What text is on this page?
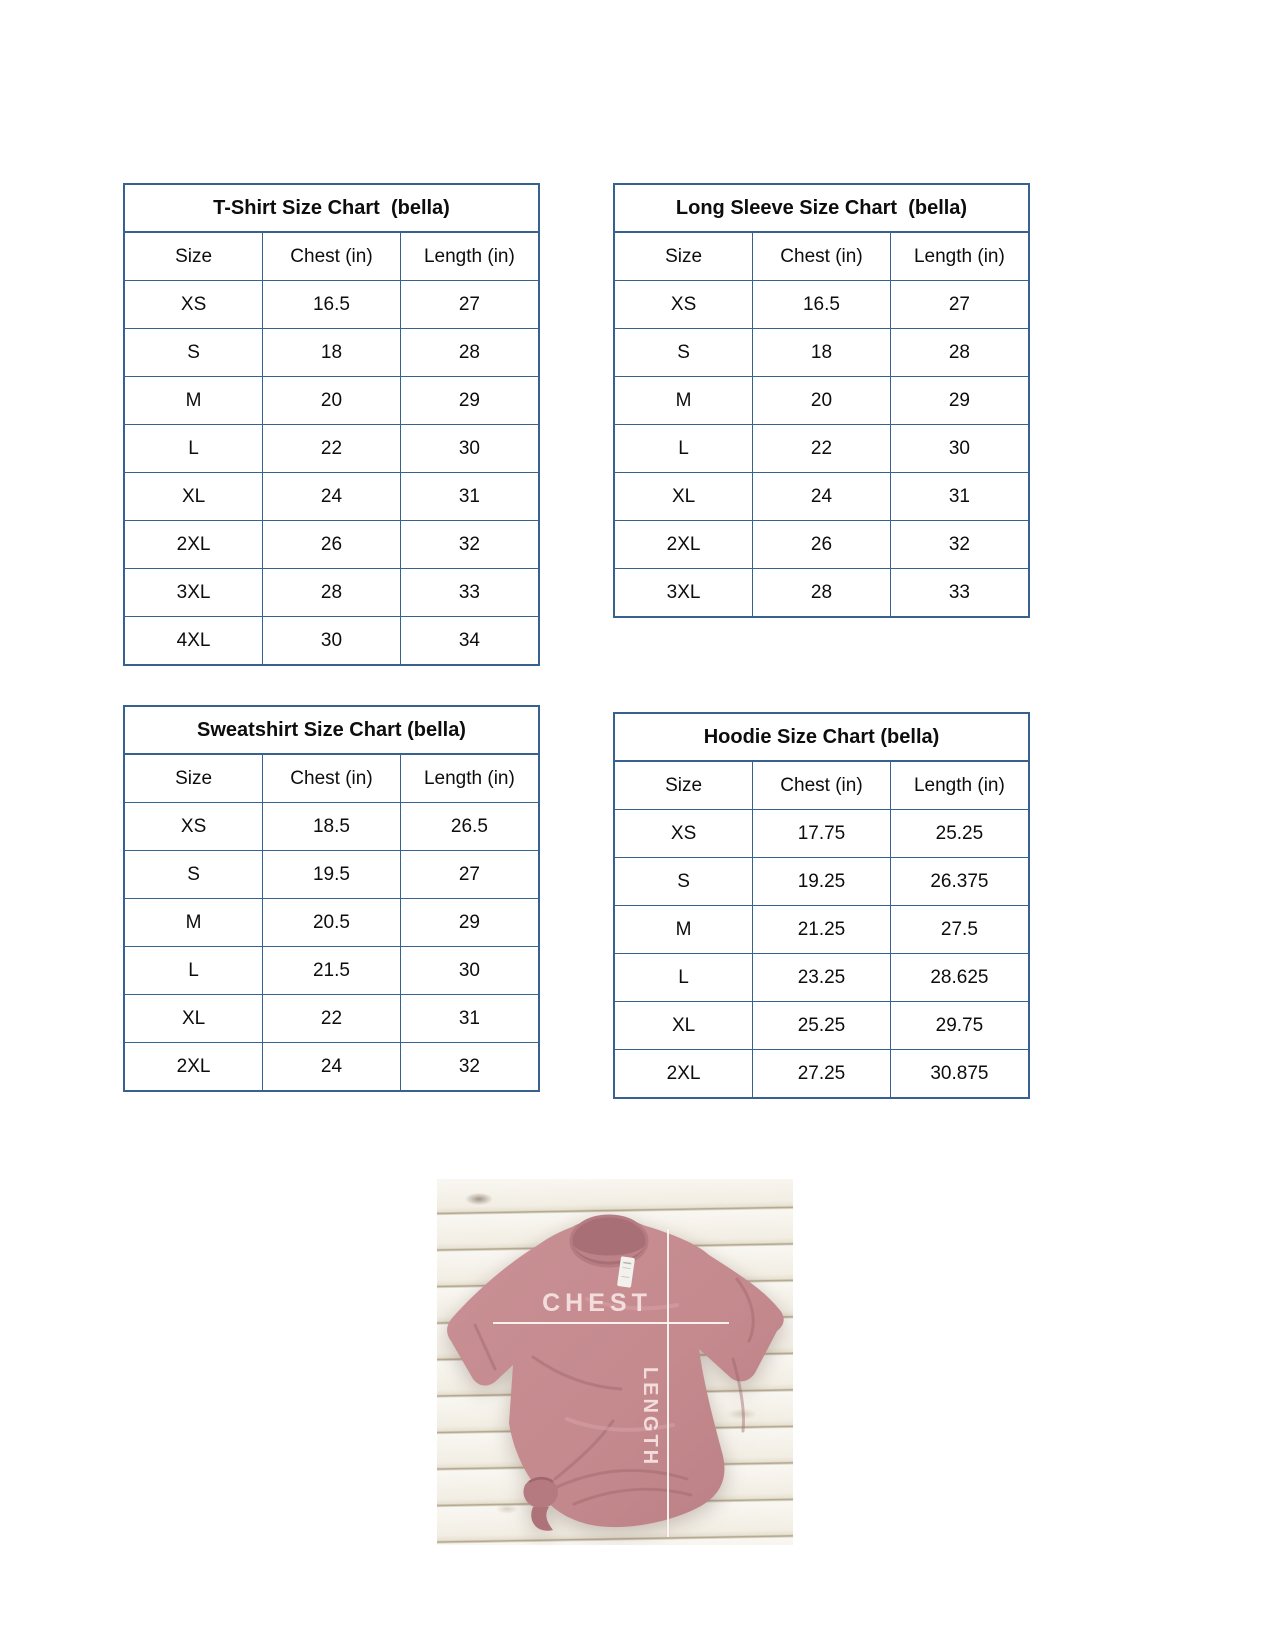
T-Shirt Size Chart  (bella)
Size	Chest (in)	Length (in)
XS	16.5	27
S	18	28
M	20	29
L	22	30
XL	24	31
2XL	26	32
3XL	28	33
4XL	30	34
Long Sleeve Size Chart  (bella)
Size	Chest (in)	Length (in)
XS	16.5	27
S	18	28
M	20	29
L	22	30
XL	24	31
2XL	26	32
3XL	28	33
Sweatshirt Size Chart (bella)
Size	Chest (in)	Length (in)
XS	18.5	26.5
S	19.5	27
M	20.5	29
L	21.5	30
XL	22	31
2XL	24	32
Hoodie Size Chart (bella)
Size	Chest (in)	Length (in)
XS	17.75	25.25
S	19.25	26.375
M	21.25	27.5
L	23.25	28.625
XL	25.25	29.75
2XL	27.25	30.875
CHEST
LENGTH
